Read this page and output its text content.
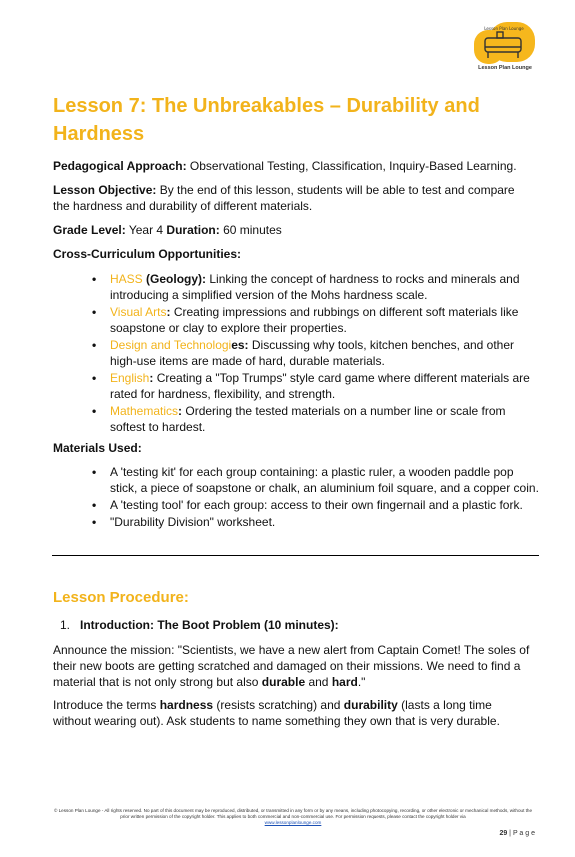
Lesson Plan Lounge
Lesson Plan Lounge
Lesson 7: The Unbreakables – Durability and Hardness
Pedagogical Approach: Observational Testing, Classification, Inquiry-Based Learning.
Lesson Objective: By the end of this lesson, students will be able to test and compare the hardness and durability of different materials.
Grade Level: Year 4 Duration: 60 minutes
Cross-Curriculum Opportunities:
• HASS (Geology): Linking the concept of hardness to rocks and minerals and introducing a simplified version of the Mohs hardness scale.
• Visual Arts: Creating impressions and rubbings on different soft materials like soapstone or clay to explore their properties.
• Design and Technologies: Discussing why tools, kitchen benches, and other high-use items are made of hard, durable materials.
• English: Creating a "Top Trumps" style card game where different materials are rated for hardness, flexibility, and strength.
• Mathematics: Ordering the tested materials on a number line or scale from softest to hardest.
Materials Used:
• A 'testing kit' for each group containing: a plastic ruler, a wooden paddle pop stick, a piece of soapstone or chalk, an aluminium foil square, and a copper coin.
• A 'testing tool' for each group: access to their own fingernail and a plastic fork.
• "Durability Division" worksheet.
Lesson Procedure:
1. Introduction: The Boot Problem (10 minutes):
Announce the mission: "Scientists, we have a new alert from Captain Comet! The soles of their new boots are getting scratched and damaged on their missions. We need to find a material that is not only strong but also durable and hard."
Introduce the terms hardness (resists scratching) and durability (lasts a long time without wearing out). Ask students to name something they own that is very durable.
© Lesson Plan Lounge - All rights reserved. No part of this document may be reproduced, distributed, or transmitted in any form or by any means, including photocopying, recording, or other electronic or mechanical methods, without the prior written permission of the copyright holder. This applies to both commercial and non-commercial use. For permission requests, please contact the copyright holder via
www.lessonplanlounge.com
29 | P a g e
